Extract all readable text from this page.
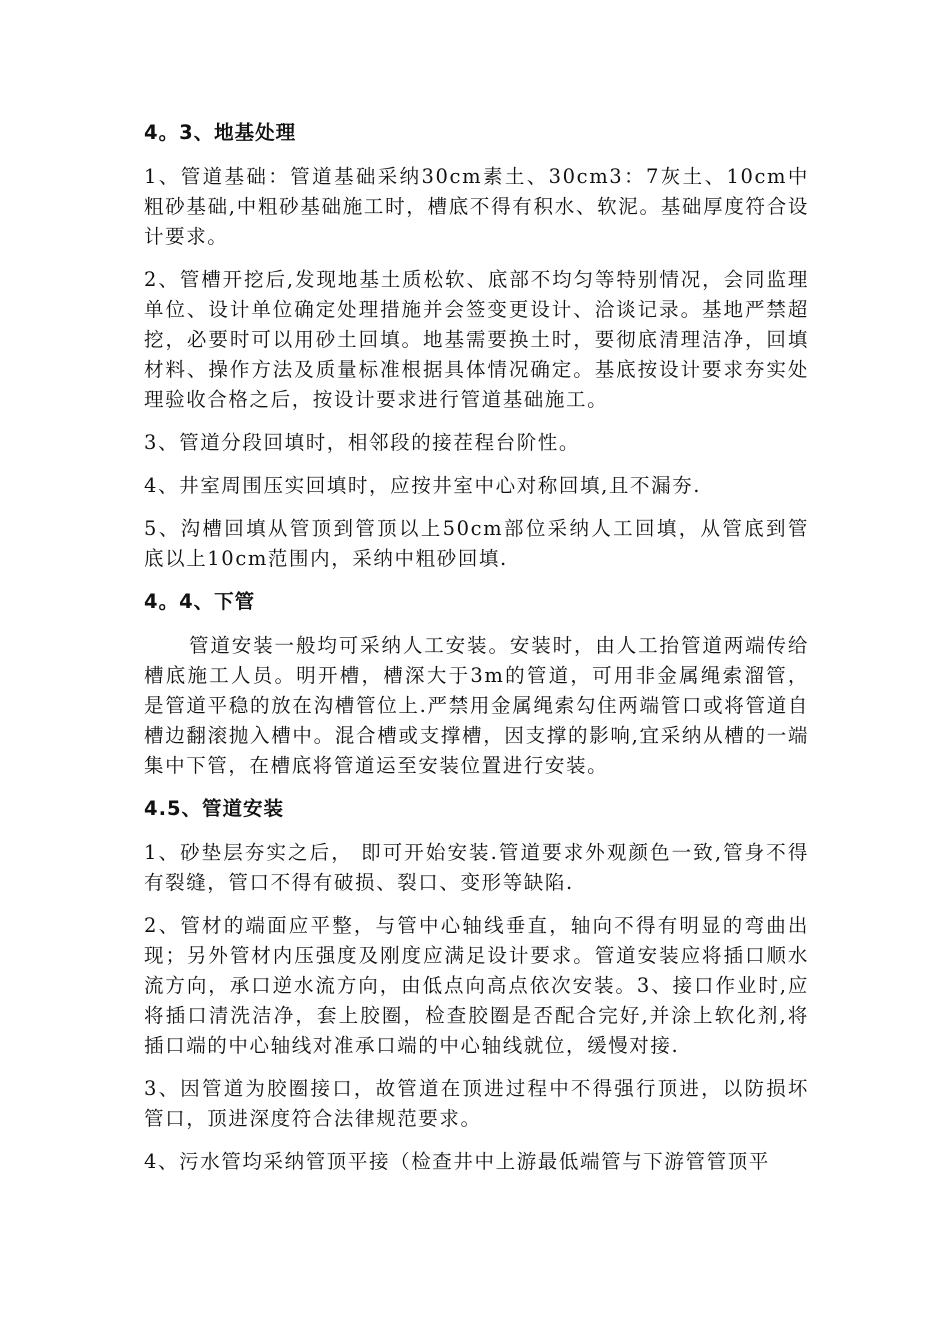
4。3、地基处理

1、管道基础：管道基础采纳30cm素土、30cm3：7灰土、10cm中粗砂基础,中粗砂基础施工时，槽底不得有积水、软泥。基础厚度符合设计要求。

2、管槽开挖后,发现地基土质松软、底部不均匀等特别情况，会同监理单位、设计单位确定处理措施并会签变更设计、洽谈记录。基地严禁超挖，必要时可以用砂土回填。地基需要换土时，要彻底清理洁净，回填材料、操作方法及质量标准根据具体情况确定。基底按设计要求夯实处理验收合格之后，按设计要求进行管道基础施工。

3、管道分段回填时，相邻段的接茬程台阶性。

4、井室周围压实回填时，应按井室中心对称回填,且不漏夯.

5、沟槽回填从管顶到管顶以上50cm部位采纳人工回填，从管底到管底以上10cm范围内，采纳中粗砂回填.

4。4、下管

管道安装一般均可采纳人工安装。安装时，由人工抬管道两端传给槽底施工人员。明开槽，槽深大于3m的管道，可用非金属绳索溜管，是管道平稳的放在沟槽管位上.严禁用金属绳索勾住两端管口或将管道自槽边翻滚抛入槽中。混合槽或支撑槽，因支撑的影响,宜采纳从槽的一端集中下管，在槽底将管道运至安装位置进行安装。

4.5、管道安装

1、砂垫层夯实之后， 即可开始安装.管道要求外观颜色一致,管身不得有裂缝，管口不得有破损、裂口、变形等缺陷.

2、管材的端面应平整，与管中心轴线垂直，轴向不得有明显的弯曲出现；另外管材内压强度及刚度应满足设计要求。管道安装应将插口顺水流方向，承口逆水流方向，由低点向高点依次安装。3、接口作业时,应将插口清洗洁净，套上胶圈，检查胶圈是否配合完好,并涂上软化剂,将插口端的中心轴线对准承口端的中心轴线就位，缓慢对接.

3、因管道为胶圈接口，故管道在顶进过程中不得强行顶进，以防损坏管口，顶进深度符合法律规范要求。

4、污水管均采纳管顶平接（检查井中上游最低端管与下游管管顶平
